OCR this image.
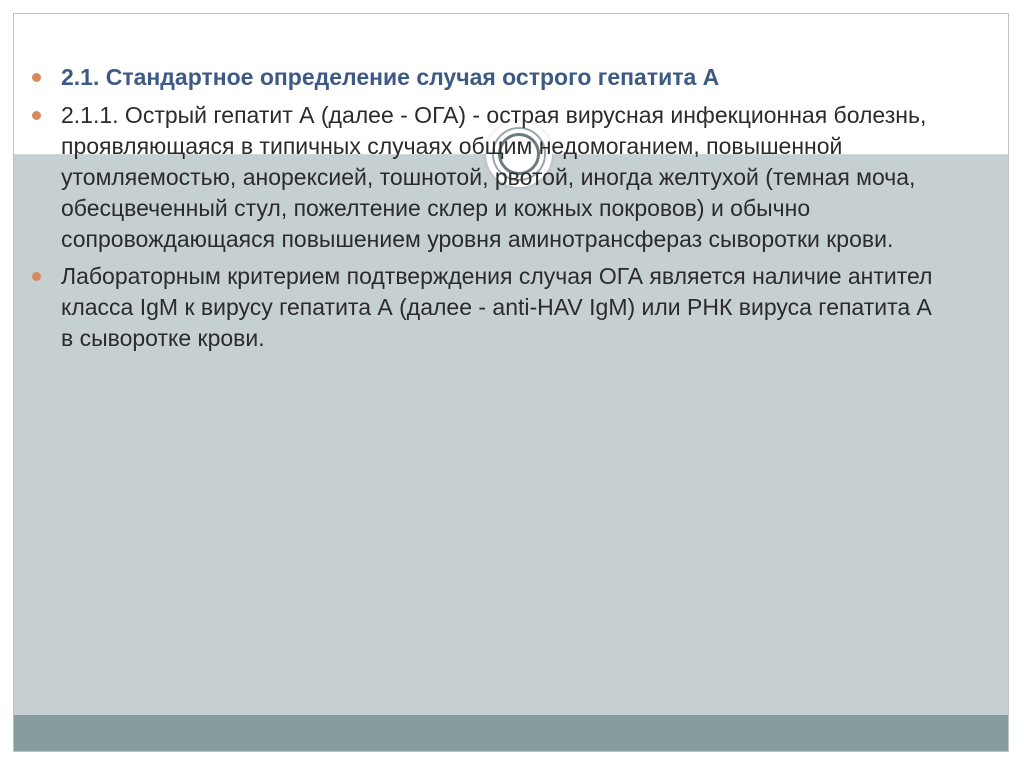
2.1. Стандартное определение случая острого гепатита А
2.1.1. Острый гепатит А (далее - ОГА) - острая вирусная инфекционная болезнь, проявляющаяся в типичных случаях общим недомоганием, повышенной утомляемостью, анорексией, тошнотой, рвотой, иногда желтухой (темная моча, обесцвеченный стул, пожелтение склер и кожных покровов) и обычно сопровождающаяся повышением уровня аминотрансфераз сыворотки крови.
Лабораторным критерием подтверждения случая ОГА является наличие антител класса IgM к вирусу гепатита А (далее - anti-HAV IgM) или РНК вируса гепатита А в сыворотке крови.
